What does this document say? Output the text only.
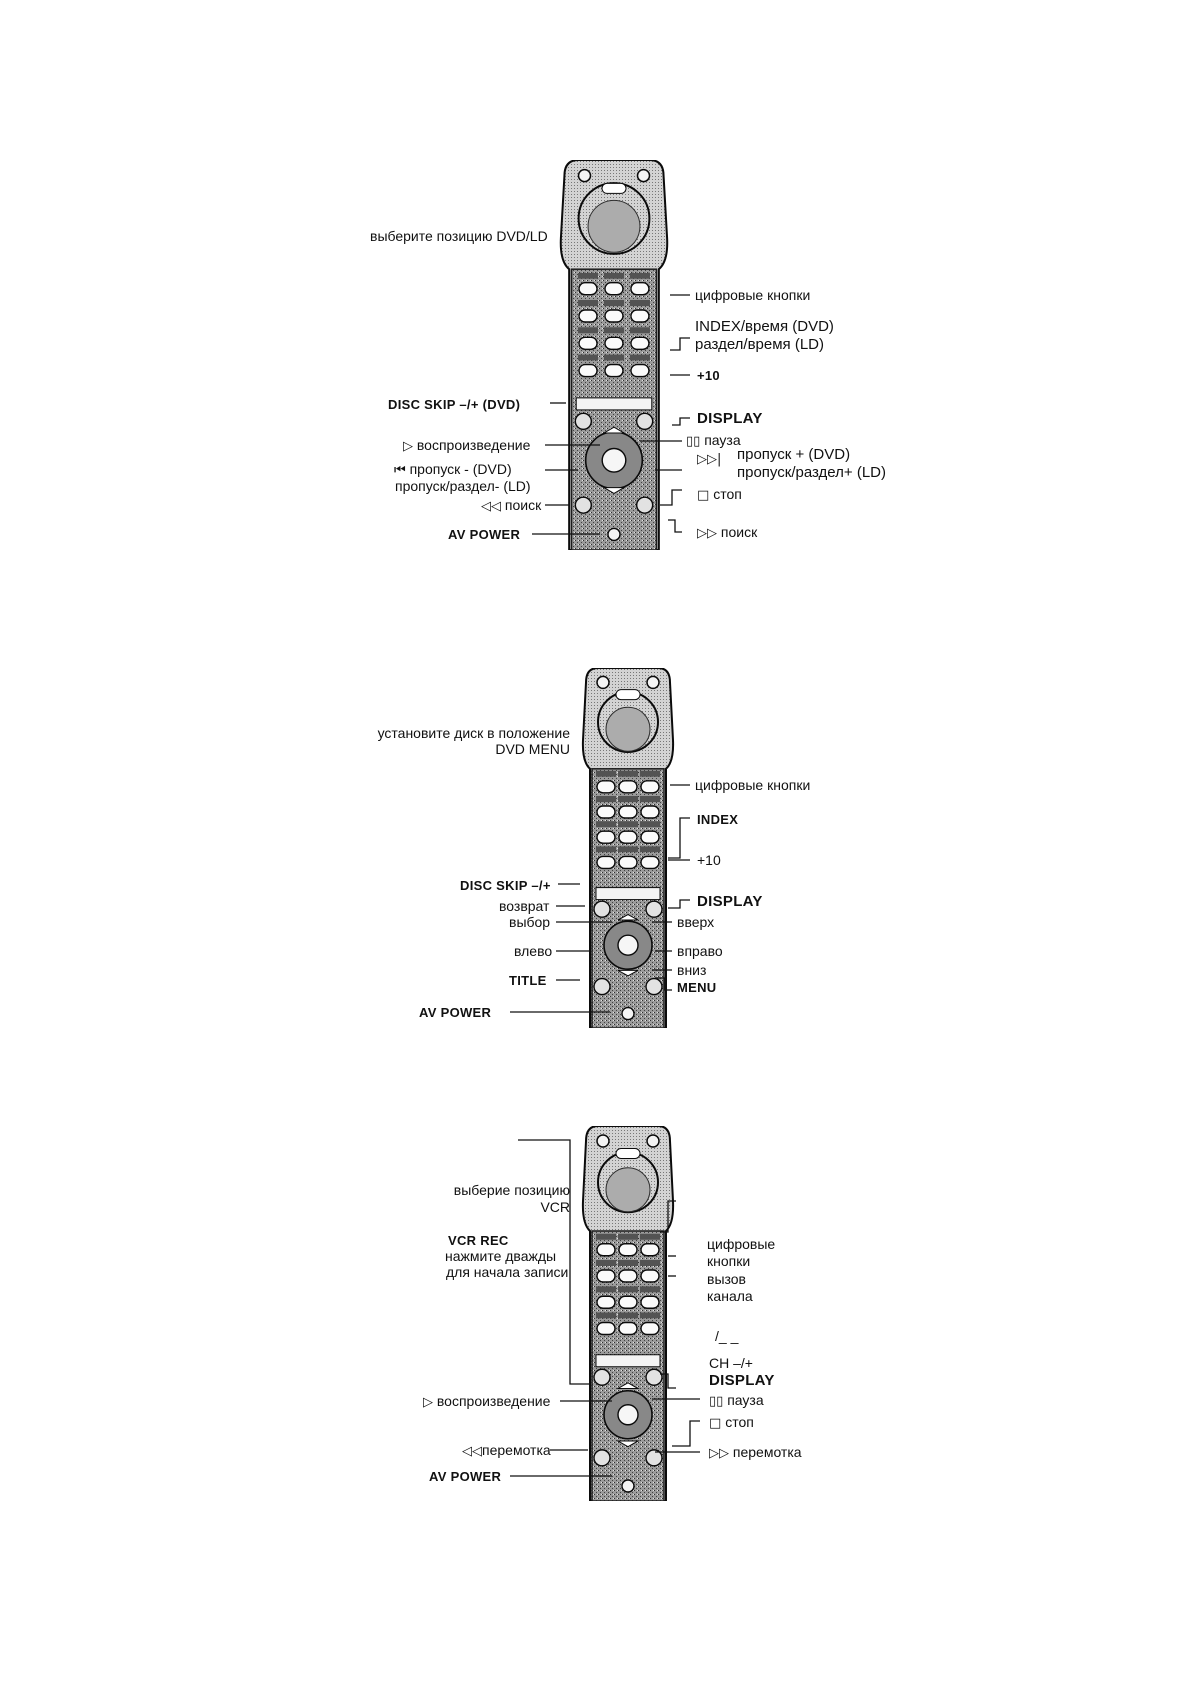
выберите позицию DVD/LD
цифровые кнопки
INDEX/время (DVD)
раздел/время (LD)
+10
DISC SKIP –/+ (DVD)
DISPLAY
▷ воспроизведение	▯▯ пауза
⏮ пропуск - (DVD)
пропуск/раздел- (LD)
▷▷| пропуск + (DVD)
пропуск/раздел+ (LD)
◁◁ поиск
□ стоп
AV POWER	▷▷ поиск
установите диск в положение
DVD MENU
цифровые кнопки
INDEX
+10
DISC SKIP –/+
DISPLAY
возврат
выбор	вверх
влево	вправо
вниз
TITLE	MENU
AV POWER
выберие позицию
VCR
VCR REC
нажмите дважды
для начала записи
цифровые
кнопки
вызов
канала
/_ _
CH –/+
DISPLAY
▷ воспроизведение	▯▯ пауза
□ стоп
◁◁перемотка	▷▷ перемотка
AV POWER
